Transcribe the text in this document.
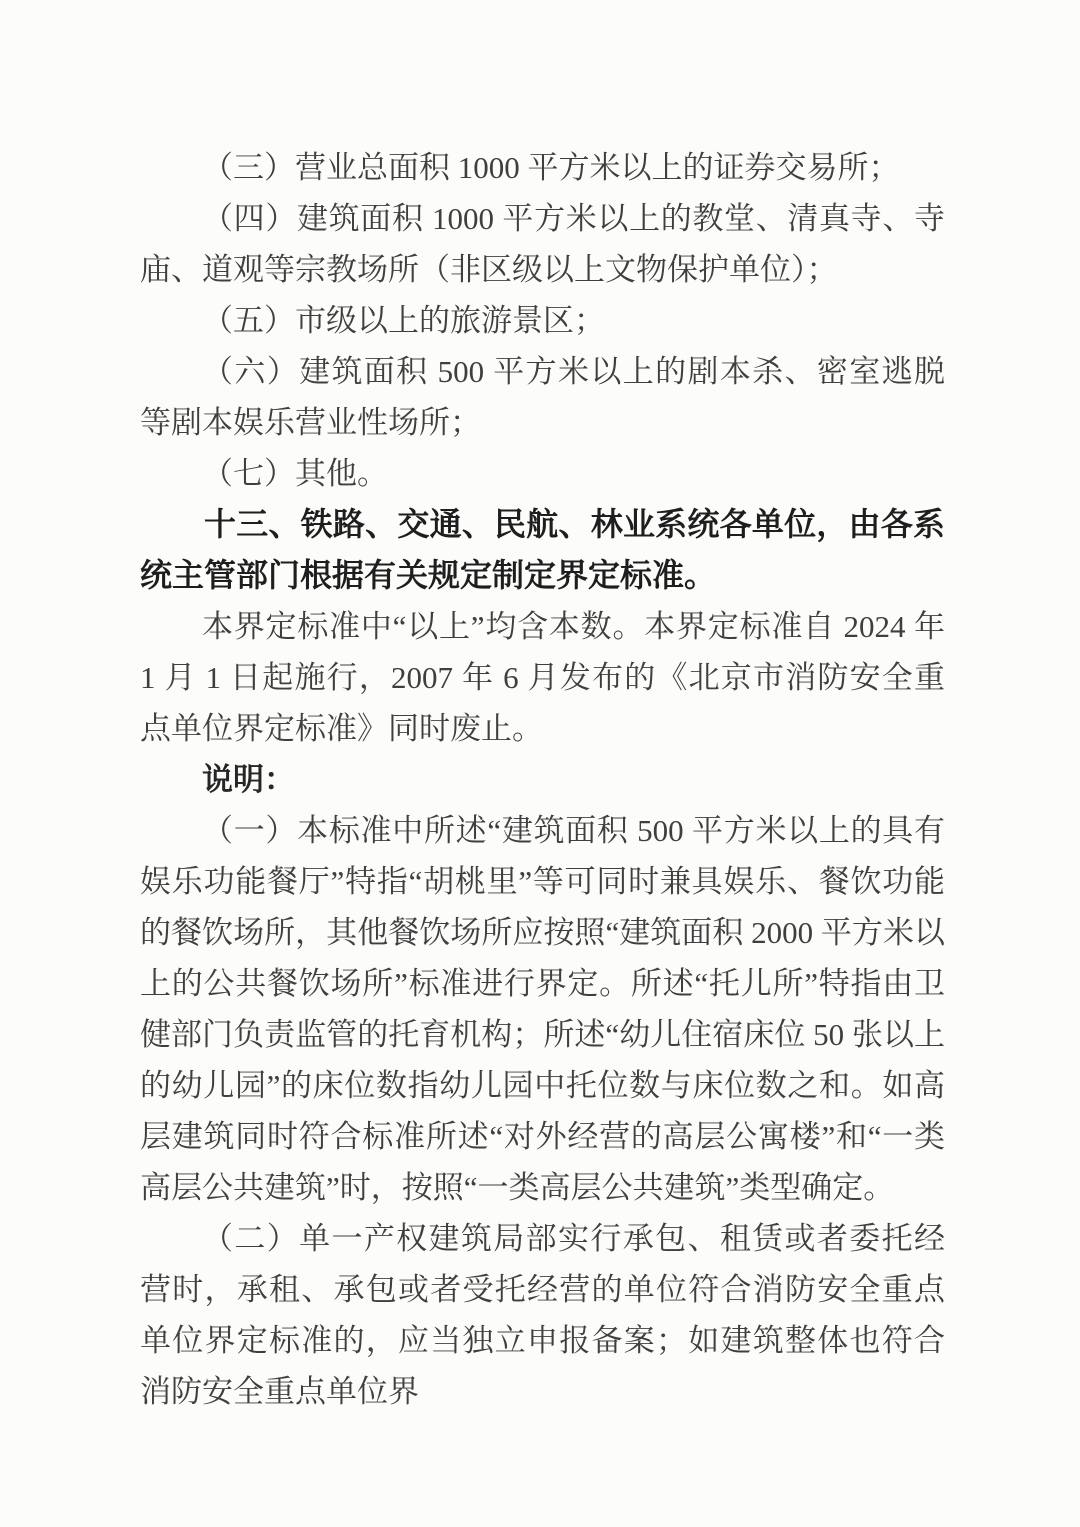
（三）营业总面积 1000 平方米以上的证券交易所；

（四）建筑面积 1000 平方米以上的教堂、清真寺、寺庙、道观等宗教场所（非区级以上文物保护单位）；

（五）市级以上的旅游景区；

（六）建筑面积 500 平方米以上的剧本杀、密室逃脱等剧本娱乐营业性场所；

（七）其他。

十三、铁路、交通、民航、林业系统各单位，由各系统主管部门根据有关规定制定界定标准。

本界定标准中“以上”均含本数。本界定标准自 2024 年 1 月 1 日起施行，2007 年 6 月发布的《北京市消防安全重点单位界定标准》同时废止。

说明：

（一）本标准中所述“建筑面积 500 平方米以上的具有娱乐功能餐厅”特指“胡桃里”等可同时兼具娱乐、餐饮功能的餐饮场所，其他餐饮场所应按照“建筑面积 2000 平方米以上的公共餐饮场所”标准进行界定。所述“托儿所”特指由卫健部门负责监管的托育机构；所述“幼儿住宿床位 50 张以上的幼儿园”的床位数指幼儿园中托位数与床位数之和。如高层建筑同时符合标准所述“对外经营的高层公寓楼”和“一类高层公共建筑”时，按照“一类高层公共建筑”类型确定。

（二）单一产权建筑局部实行承包、租赁或者委托经营时，承租、承包或者受托经营的单位符合消防安全重点单位界定标准的，应当独立申报备案；如建筑整体也符合消防安全重点单位界
